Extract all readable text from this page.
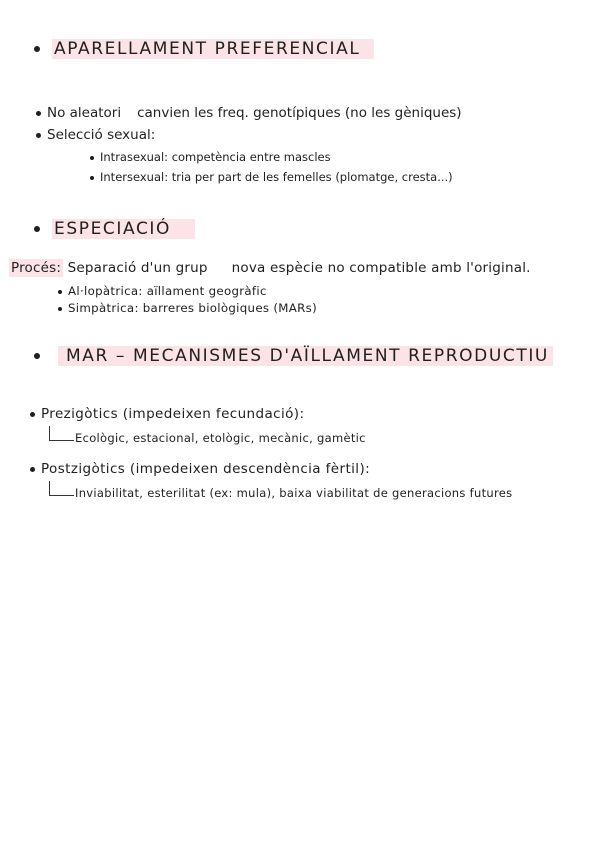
APARELLAMENT PREFERENCIAL
No aleatori canvien les freq. genotípiques (no les gèniques)
Selecció sexual:
Intrasexual: competència entre mascles
Intersexual: tria per part de les femelles (plomatge, cresta...)
ESPECIACIÓ
Procés: Separació d'un grup nova espècie no compatible amb l'original.
Al·lopàtrica: aïllament geogràfic
Simpàtrica: barreres biològiques (MARs)
MAR – MECANISMES D'AÏLLAMENT REPRODUCTIU
Prezigòtics (impedeixen fecundació):
Ecològic, estacional, etològic, mecànic, gamètic
Postzigòtics (impedeixen descendència fèrtil):
Inviabilitat, esterilitat (ex: mula), baixa viabilitat de generacions futures
